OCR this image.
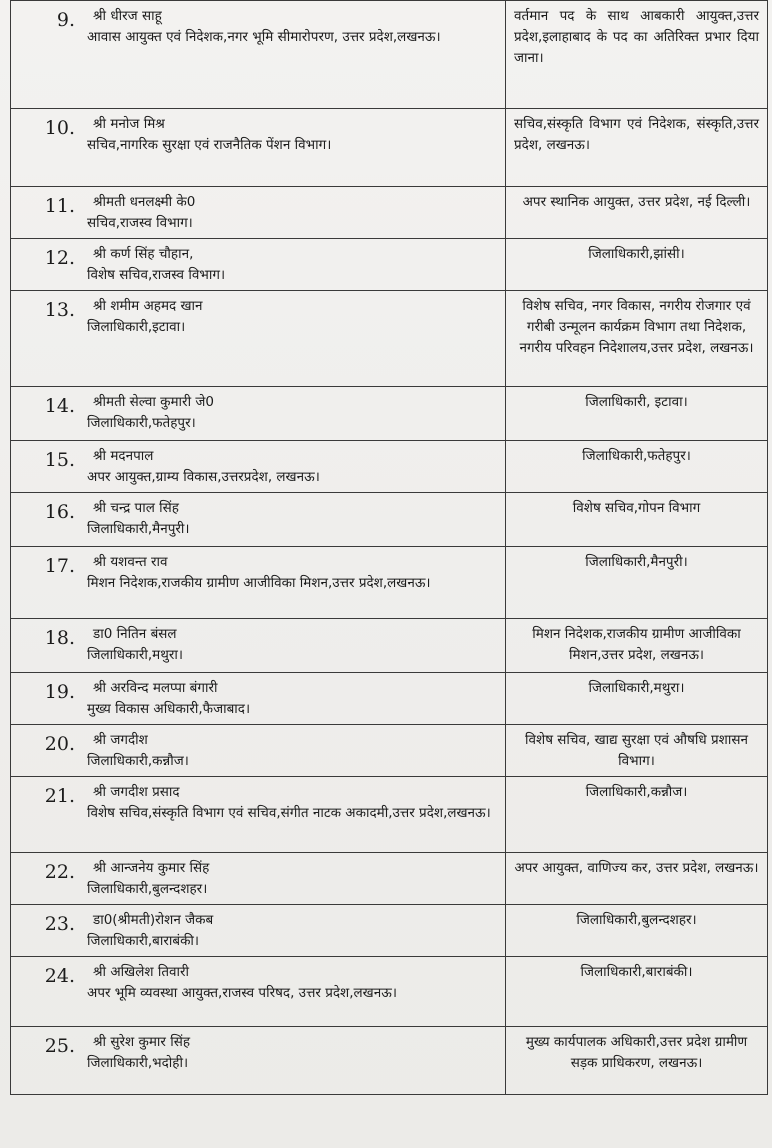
9.	श्री धीरज साहू
आवास आयुक्त एवं निदेशक,नगर भूमि सीमारोपरण, उत्तर प्रदेश,लखनऊ।	वर्तमान पद के साथ आबकारी आयुक्त,उत्तर प्रदेश,इलाहाबाद के पद का अतिरिक्त प्रभार दिया जाना।
10.	श्री मनोज मिश्र
सचिव,नागरिक सुरक्षा एवं राजनैतिक पेंशन विभाग।	सचिव,संस्कृति विभाग एवं निदेशक, संस्कृति,उत्तर प्रदेश, लखनऊ।
11.	श्रीमती धनलक्ष्मी के0
सचिव,राजस्व विभाग।	अपर स्थानिक आयुक्त, उत्तर प्रदेश, नई दिल्ली।
12.	श्री कर्ण सिंह चौहान,
विशेष सचिव,राजस्व विभाग।	जिलाधिकारी,झांसी।
13.	श्री शमीम अहमद खान
जिलाधिकारी,इटावा।	विशेष सचिव, नगर विकास, नगरीय रोजगार एवं गरीबी उन्मूलन कार्यक्रम विभाग तथा निदेशक, नगरीय परिवहन निदेशालय,उत्तर प्रदेश, लखनऊ।
14.	श्रीमती सेल्वा कुमारी जे0
जिलाधिकारी,फतेहपुर।	जिलाधिकारी, इटावा।
15.	श्री मदनपाल
अपर आयुक्त,ग्राम्य विकास,उत्तरप्रदेश, लखनऊ।	जिलाधिकारी,फतेहपुर।
16.	श्री चन्द्र पाल सिंह
जिलाधिकारी,मैनपुरी।	विशेष सचिव,गोपन विभाग
17.	श्री यशवन्त राव
मिशन निदेशक,राजकीय ग्रामीण आजीविका मिशन,उत्तर प्रदेश,लखनऊ।	जिलाधिकारी,मैनपुरी।
18.	डा0 नितिन बंसल
जिलाधिकारी,मथुरा।	मिशन निदेशक,राजकीय ग्रामीण आजीविका मिशन,उत्तर प्रदेश, लखनऊ।
19.	श्री अरविन्द मलप्पा बंगारी
मुख्य विकास अधिकारी,फैजाबाद।	जिलाधिकारी,मथुरा।
20.	श्री जगदीश
जिलाधिकारी,कन्नौज।	विशेष सचिव, खाद्य सुरक्षा एवं औषधि प्रशासन विभाग।
21.	श्री जगदीश प्रसाद
विशेष सचिव,संस्कृति विभाग एवं सचिव,संगीत नाटक अकादमी,उत्तर प्रदेश,लखनऊ।	जिलाधिकारी,कन्नौज।
22.	श्री आन्जनेय कुमार सिंह
जिलाधिकारी,बुलन्दशहर।	अपर आयुक्त, वाणिज्य कर, उत्तर प्रदेश, लखनऊ।
23.	डा0(श्रीमती)रोशन जैकब
जिलाधिकारी,बाराबंकी।	जिलाधिकारी,बुलन्दशहर।
24.	श्री अखिलेश तिवारी
अपर भूमि व्यवस्था आयुक्त,राजस्व परिषद, उत्तर प्रदेश,लखनऊ।	जिलाधिकारी,बाराबंकी।
25.	श्री सुरेश कुमार सिंह
जिलाधिकारी,भदोही।	मुख्य कार्यपालक अधिकारी,उत्तर प्रदेश ग्रामीण सड़क प्राधिकरण, लखनऊ।
